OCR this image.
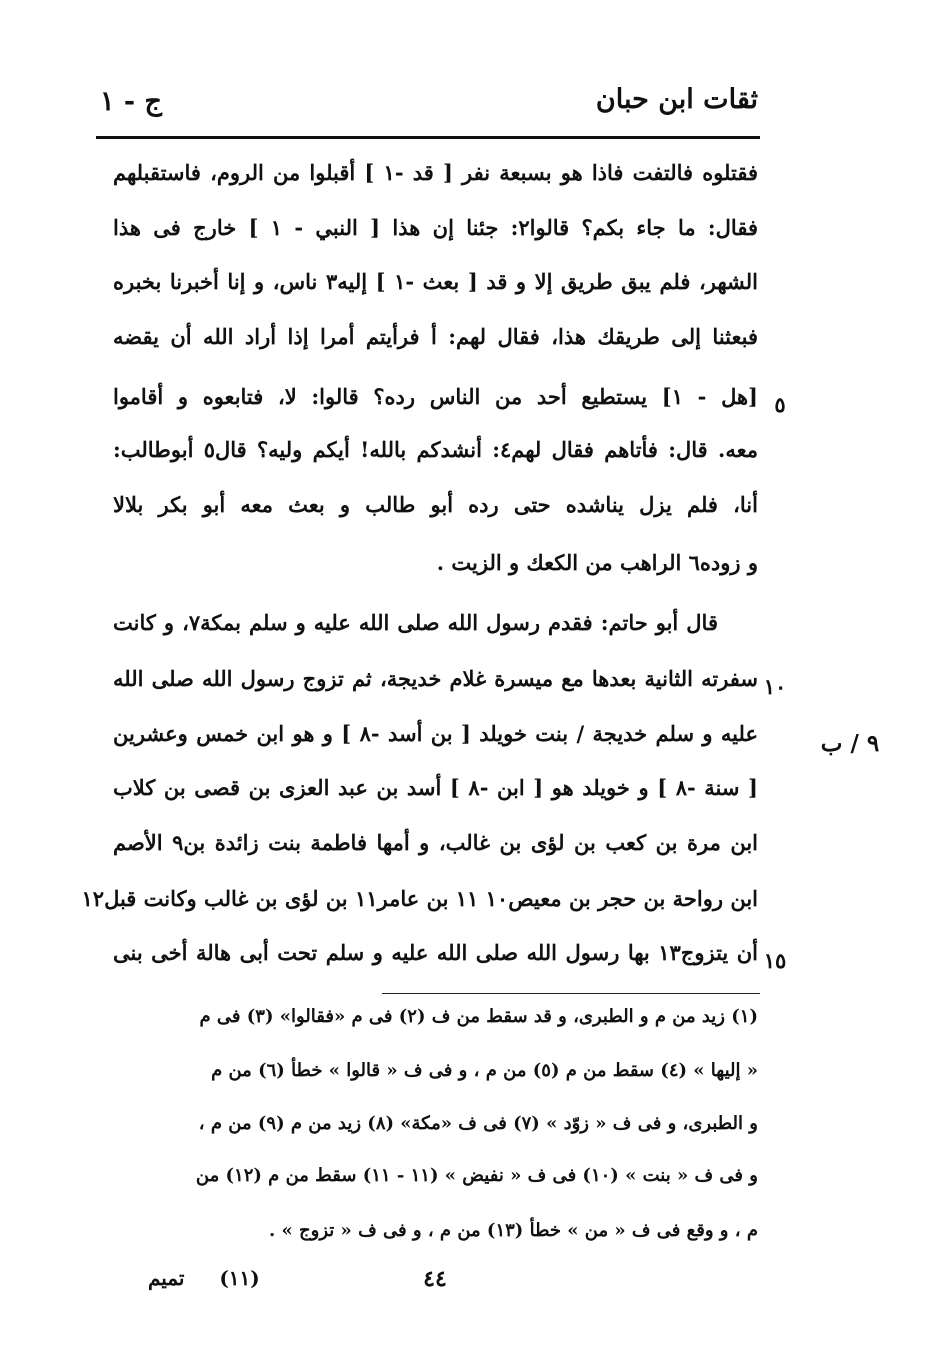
ثقات ابن حبان
ج - ١
فقتلوه فالتفت فاذا هو بسبعة نفر [ قد -١ ] أقبلوا من الروم، فاستقبلهم
فقال: ما جاء بكم؟ قالوا٢: جئنا إن هذا [ النبي - ١ ] خارج فى هذا
الشهر، فلم يبق طريق إلا و قد [ بعث -١ ] إليه٣ ناس، و إنا أخبرنا بخبره
فبعثنا إلى طريقك هذا، فقال لهم: أ فرأيتم أمرا إذا أراد الله أن يقضه
[هل - ١] يستطيع أحد من الناس رده؟ قالوا: لا، فتابعوه و أقاموا
معه. قال: فأتاهم فقال لهم٤: أنشدكم بالله! أيكم وليه؟ قال٥ أبوطالب:
أنا، فلم يزل يناشده حتى رده أبو طالب و بعث معه أبو بكر بلالا
و زوده٦ الراهب من الكعك و الزيت .
قال أبو حاتم: فقدم رسول الله صلى الله عليه و سلم بمكة٧، و كانت
سفرته الثانية بعدها مع ميسرة غلام خديجة، ثم تزوج رسول الله صلى الله
عليه و سلم خديجة / بنت خويلد [ بن أسد -٨ ] و هو ابن خمس وعشرين
[ سنة -٨ ] و خويلد هو [ ابن -٨ ] أسد بن عبد العزى بن قصى بن كلاب
ابن مرة بن كعب بن لؤى بن غالب، و أمها فاطمة بنت زائدة بن٩ الأصم
ابن رواحة بن حجر بن معيص١٠ ١١ بن عامر١١ بن لؤى بن غالب وكانت قبل١٢
أن يتزوج١٣ بها رسول الله صلى الله عليه و سلم تحت أبى هالة أخى بنى
٥
١٠
١٥
٩ / ب
(١) زيد من م و الطبرى، و قد سقط من ف (٢) فى م «فقالوا» (٣) فى م
« إليها » (٤) سقط من م (٥) من م ، و فى ف « قالوا » خطأ (٦) من م
و الطبرى، و فى ف « زوّد » (٧) فى ف «مكة» (٨) زيد من م (٩) من م ،
و فى ف « بنت » (١٠) فى ف « نفيض » (١١ - ١١) سقط من م (١٢) من
م ، و وقع فى ف « من » خطأ (١٣) من م ، و فى ف « تزوج » .
٤٤
(١١)     تميم
